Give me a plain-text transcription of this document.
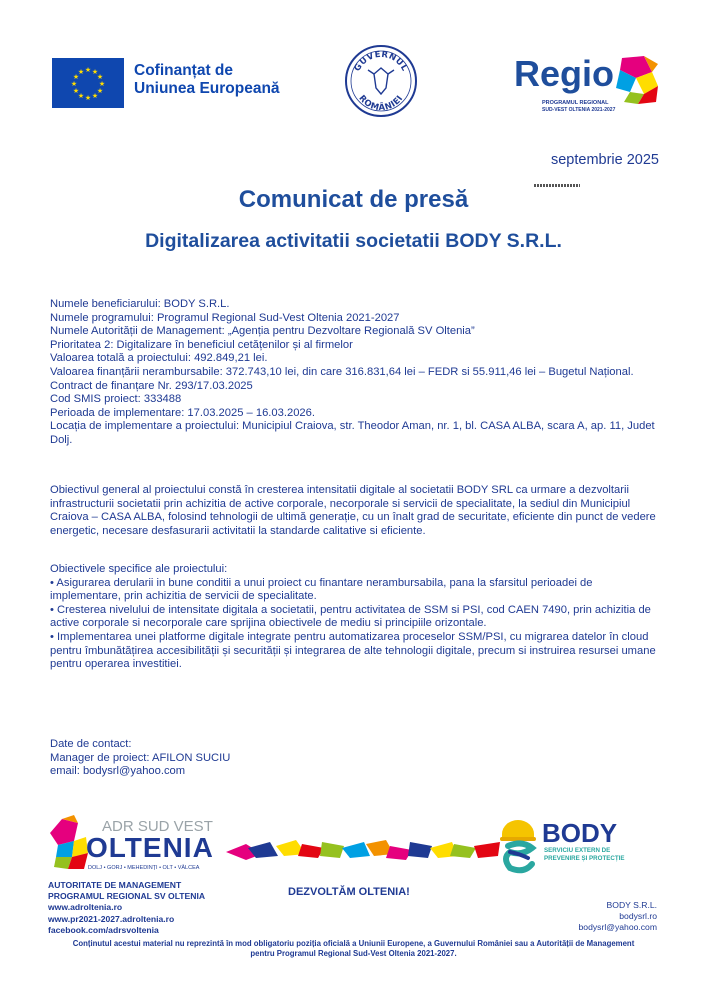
★ ★
★
★
★
★
★
★
★
★
★
★	Cofinanțat de
Uniunea Europeană
GUVERNUL
ROMÂNIEI
Regio
PROGRAMUL REGIONAL
SUD-VEST OLTENIA 2021-2027

septembrie 2025

Comunicat de presă
Digitalizarea activitatii societatii BODY S.R.L.

Numele beneficiarului: BODY S.R.L.

Numele programului: Programul Regional Sud-Vest Oltenia 2021-2027

Numele Autorității de Management: „Agenția pentru Dezvoltare Regională SV Oltenia”

Prioritatea 2: Digitalizare în beneficiul cetățenilor și al firmelor

Valoarea totală a proiectului: 492.849,21 lei.

Valoarea finanțării nerambursabile: 372.743,10 lei, din care 316.831,64 lei – FEDR si 55.911,46 lei – Bugetul Național. Contract de finanțare Nr. 293/17.03.2025

Cod SMIS proiect: 333488

Perioada de implementare: 17.03.2025 – 16.03.2026.

Locația de implementare a proiectului: Municipiul Craiova, str. Theodor Aman, nr. 1, bl. CASA ALBA, scara A, ap. 11, Judet Dolj.

Obiectivul general al proiectului constă în cresterea intensitatii digitale al societatii BODY SRL ca urmare a dezvoltarii infrastructurii societatii prin achizitia de active corporale, necorporale si servicii de specialitate, la sediul din Municipiul Craiova – CASA ALBA, folosind tehnologii de ultimă generație, cu un înalt grad de securitate, eficiente din punct de vedere energetic, necesare desfasurarii activitatii la standarde calitative si eficiente.

Obiectivele specifice ale proiectului:

• Asigurarea derularii in bune conditii a unui proiect cu finantare nerambursabila, pana la sfarsitul perioadei de implementare, prin achizitia de servicii de specialitate.

• Cresterea nivelului de intensitate digitala a societatii, pentru activitatea de SSM si PSI, cod CAEN 7490, prin achizitia de active corporale si necorporale care sprijina obiectivele de mediu si principiile orizontale.

• Implementarea unei platforme digitale integrate pentru automatizarea proceselor SSM/PSI, cu migrarea datelor în cloud pentru îmbunătățirea accesibilității și securității și integrarea de alte tehnologii digitale, precum si instruirea resursei umane pentru operarea investitiei.

Date de contact:

Manager de proiect: AFILON SUCIU

email: bodysrl@yahoo.com

ADR SUD VEST
OLTENIA
DOLJ • GORJ • MEHEDINȚI • OLT • VÂLCEA
BODY
SERVICIU EXTERN DE
PREVENIRE ȘI PROTECȚIE

AUTORITATE DE MANAGEMENT

PROGRAMUL REGIONAL SV OLTENIA

www.adroltenia.ro

www.pr2021-2027.adroltenia.ro

facebook.com/adrsvoltenia

DEZVOLTĂM OLTENIA!

BODY S.R.L.

bodysrl.ro

bodysrl@yahoo.com

Conținutul acestui material nu reprezintă în mod obligatoriu poziția oficială a Uniunii Europene, a Guvernului României sau a Autorității de Management pentru Programul Regional Sud-Vest Oltenia 2021-2027.
